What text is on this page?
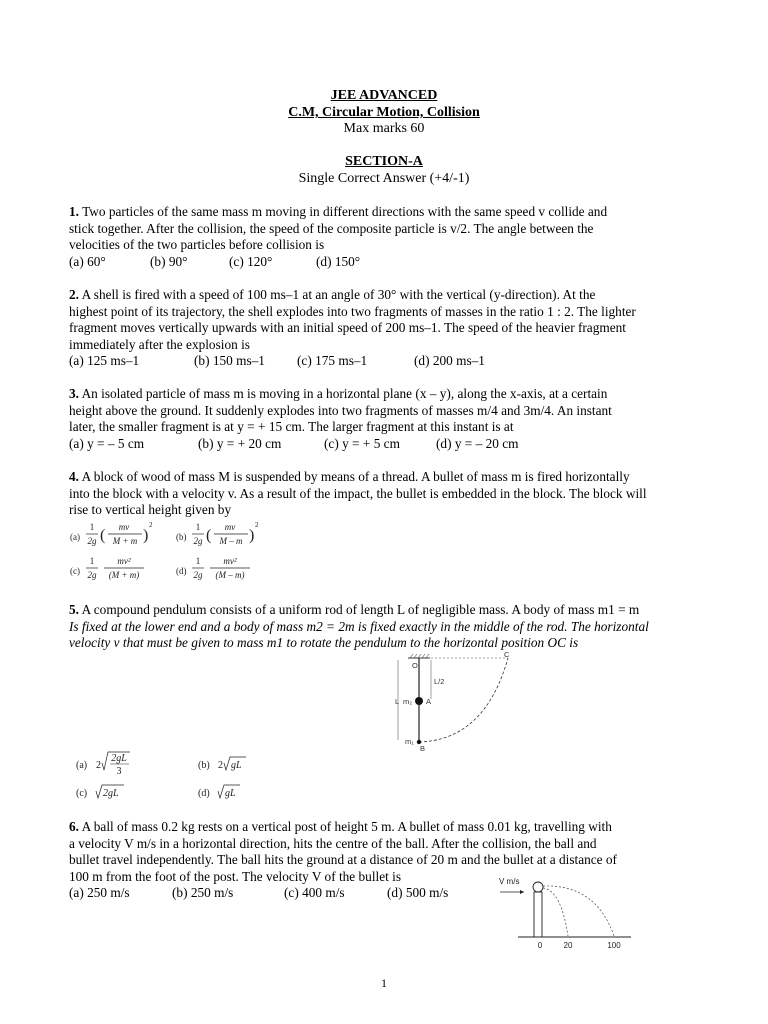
JEE ADVANCED
C.M, Circular Motion, Collision
Max marks 60
SECTION-A
Single Correct Answer (+4/-1)

1. Two particles of the same mass m moving in different directions with the same speed v collide and

stick together. After the collision, the speed of the composite particle is v/2. The angle between the

velocities of the two particles before collision is

(a) 60°	(b) 90°	(c) 120°	(d) 150°

2. A shell is fired with a speed of 100 ms–1 at an angle of 30° with the vertical (y-direction). At the

highest point of its trajectory, the shell explodes into two fragments of masses in the ratio 1 : 2. The lighter

fragment moves vertically upwards with an initial speed of 200 ms–1. The speed of the heavier fragment

immediately after the explosion is

(a) 125 ms–1	(b) 150 ms–1	(c) 175 ms–1	(d) 200 ms–1

3. An isolated particle of mass m is moving in a horizontal plane (x – y), along the x-axis, at a certain

height above the ground. It suddenly explodes into two fragments of masses m/4 and 3m/4. An instant

later, the smaller fragment is at y = + 15 cm. The larger fragment at this instant is at

(a) y = – 5 cm	(b) y = + 20 cm	(c) y = + 5 cm	(d) y = – 20 cm

4. A block of wood of mass M is suspended by means of a thread. A bullet of mass m is fired horizontally

into the block with a velocity v. As a result of the impact, the bullet is embedded in the block. The block will

rise to vertical height given by

(a)
1
2g ( mv
M + m )
2
(b)
1
2g ( mv
M – m )
2
(c)
1
2g
mv²
(M + m)	(d)
1
2g
mv²
(M – m)

5. A compound pendulum consists of a uniform rod of length L of negligible mass. A body of mass m1 = m

Is fixed at the lower end and a body of mass m2 = 2m is fixed exactly in the middle of the rod. The horizontal

velocity v that must be given to mass m1 to rotate the pendulum to the horizontal position OC is

O
C
L/2
L m₂ A
m₁
B
(a) 2
2gL
3
(b) 2 gL
(c) 2gL	(d) gL

6. A ball of mass 0.2 kg rests on a vertical post of height 5 m. A bullet of mass 0.01 kg, travelling with

a velocity V m/s in a horizontal direction, hits the centre of the ball. After the collision, the ball and

bullet travel independently. The ball hits the ground at a distance of 20 m and the bullet at a distance of

100 m from the foot of the post. The velocity V of the bullet is

(a) 250 m/s	(b) 250 m/s	(c) 400 m/s	(d) 500 m/s

V m/s
0	20	100
1
